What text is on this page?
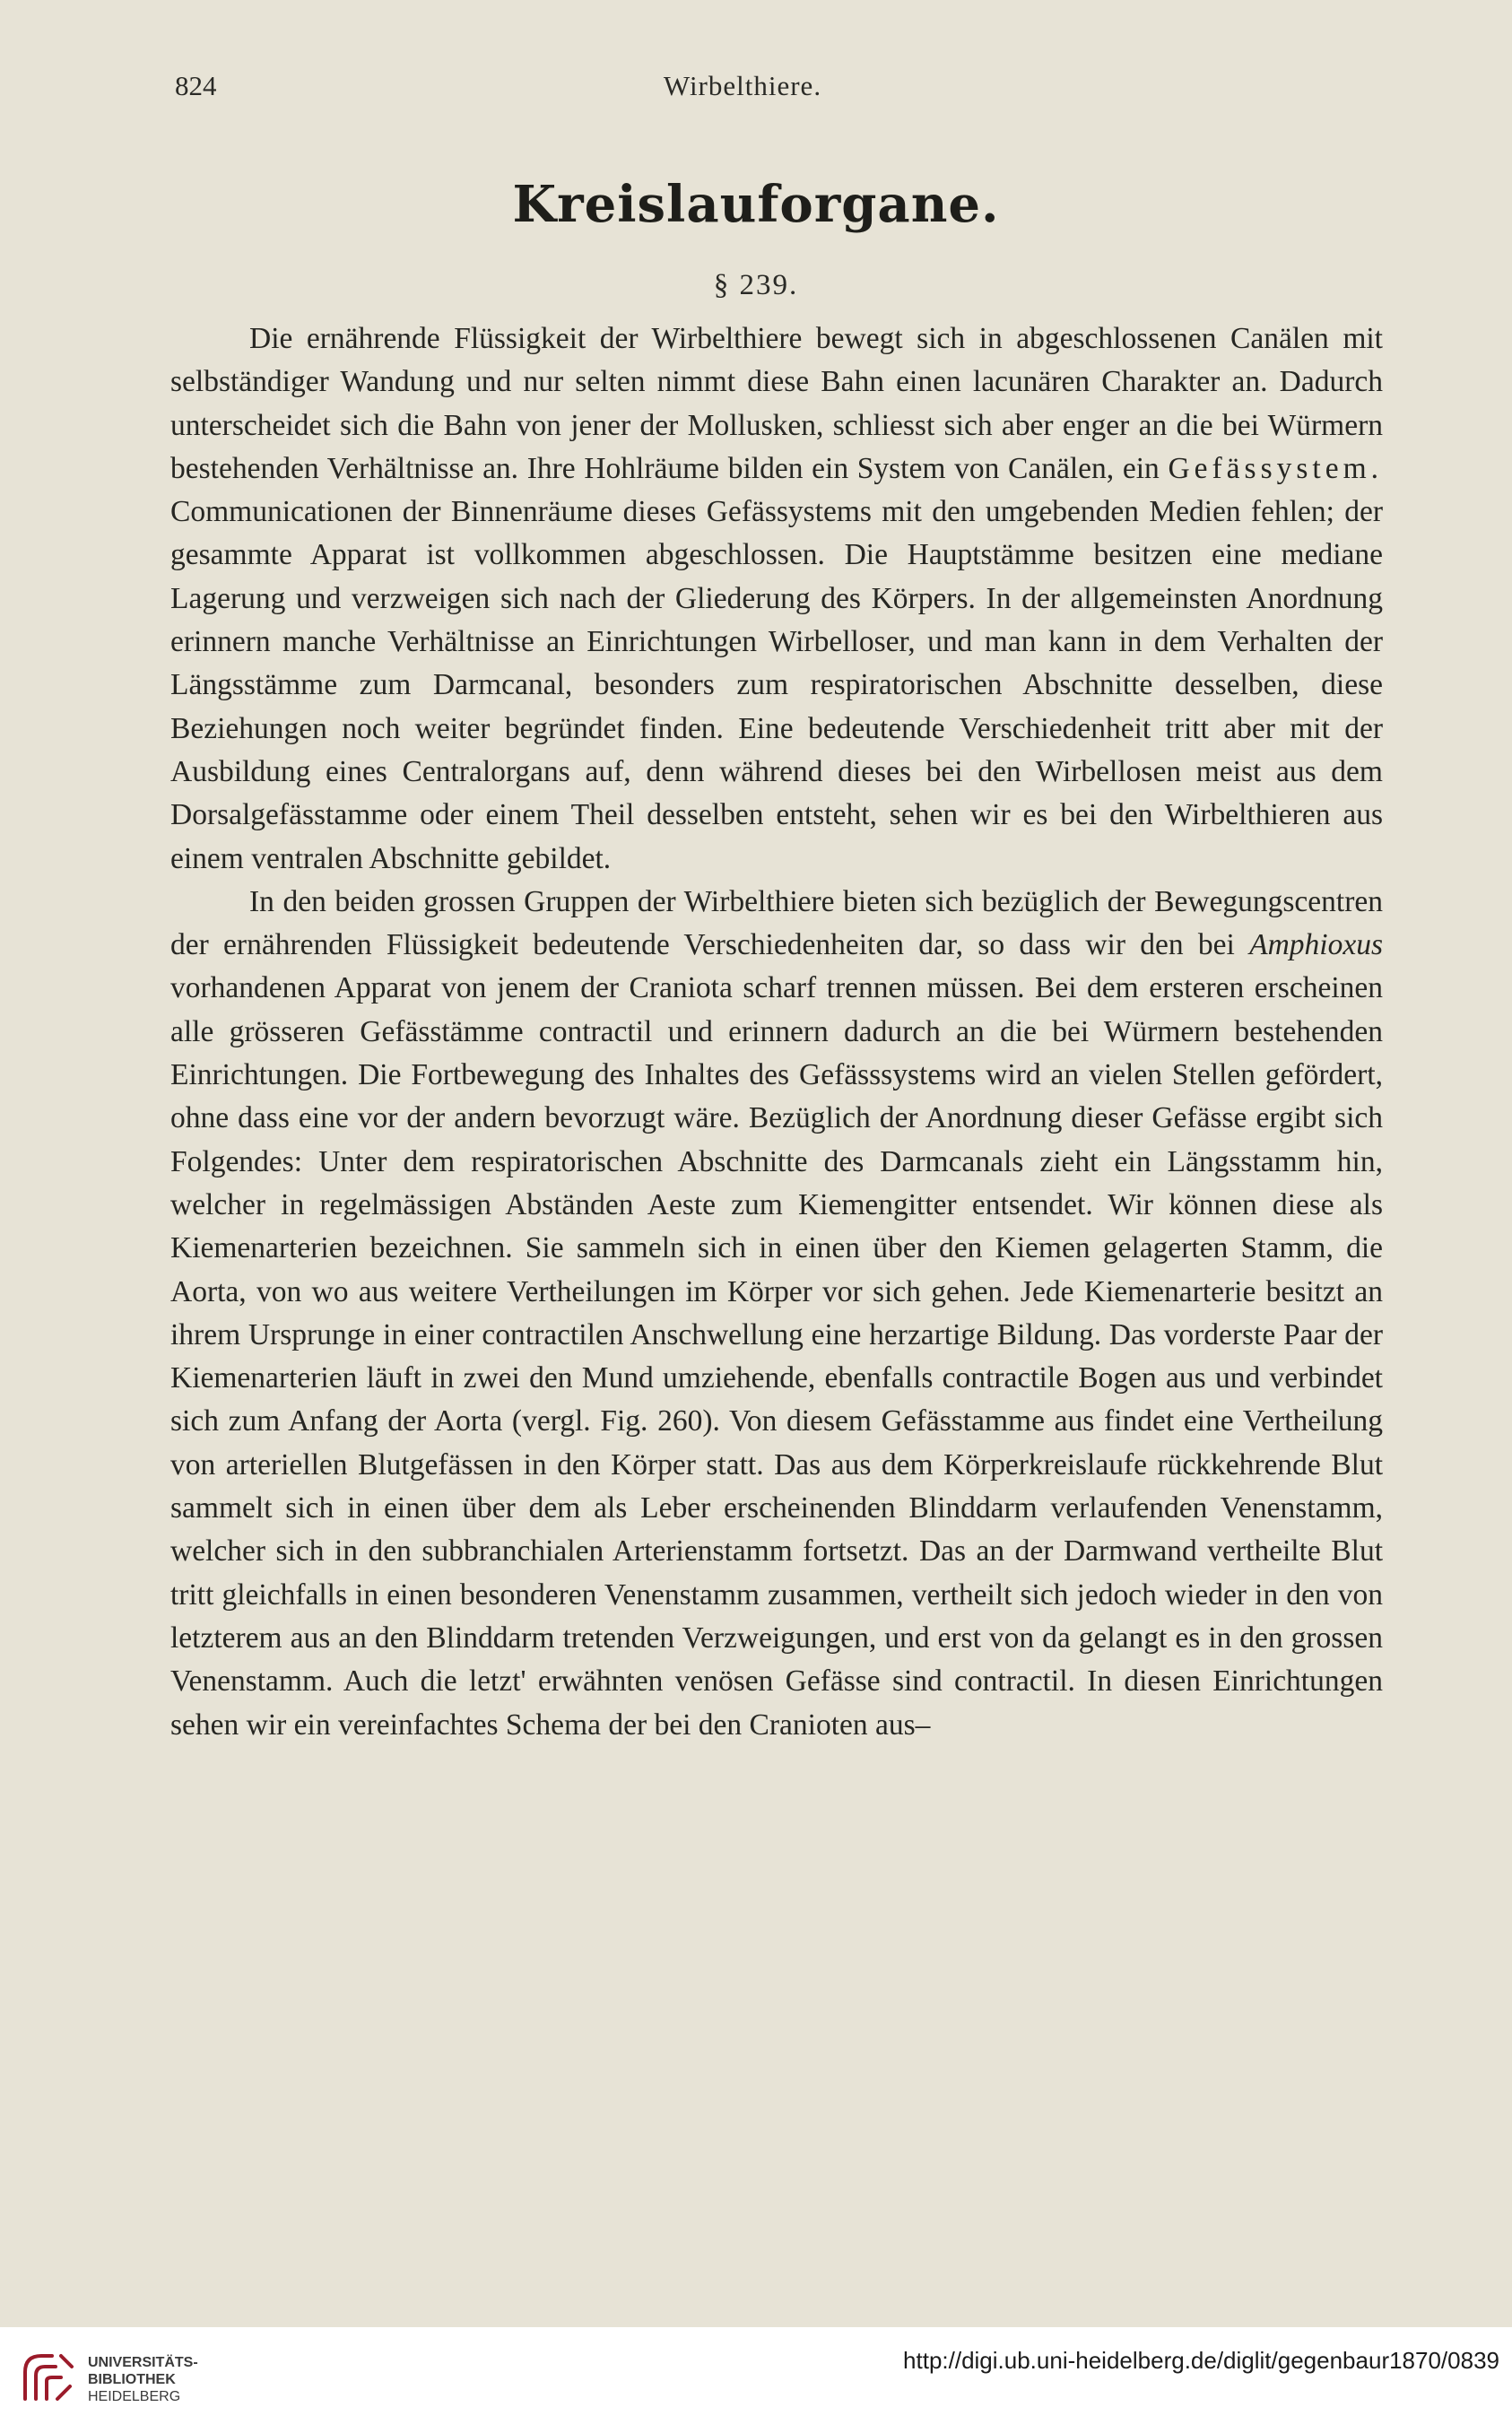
824	Wirbelthiere.
Kreislauforgane.
§ 239.

Die ernährende Flüssigkeit der Wirbelthiere bewegt sich in abgeschlossenen Canälen mit selbständiger Wandung und nur selten nimmt diese Bahn einen lacunären Charakter an. Dadurch unterscheidet sich die Bahn von jener der Mollusken, schliesst sich aber enger an die bei Würmern bestehenden Verhältnisse an. Ihre Hohlräume bilden ein System von Canälen, ein Gefässystem. Communicationen der Binnenräume dieses Gefässystems mit den umgebenden Medien fehlen; der gesammte Apparat ist vollkommen abgeschlossen. Die Hauptstämme besitzen eine mediane Lagerung und verzweigen sich nach der Gliederung des Körpers. In der allgemeinsten Anordnung erinnern manche Verhältnisse an Einrichtungen Wirbelloser, und man kann in dem Verhalten der Längsstämme zum Darmcanal, besonders zum respiratorischen Abschnitte desselben, diese Beziehungen noch weiter begründet finden. Eine bedeutende Verschiedenheit tritt aber mit der Ausbildung eines Centralorgans auf, denn während dieses bei den Wirbellosen meist aus dem Dorsalgefässtamme oder einem Theil desselben entsteht, sehen wir es bei den Wirbelthieren aus einem ventralen Abschnitte gebildet.

In den beiden grossen Gruppen der Wirbelthiere bieten sich bezüglich der Bewegungscentren der ernährenden Flüssigkeit bedeutende Verschiedenheiten dar, so dass wir den bei Amphioxus vorhandenen Apparat von jenem der Craniota scharf trennen müssen. Bei dem ersteren erscheinen alle grösseren Gefässtämme contractil und erinnern dadurch an die bei Würmern bestehenden Einrichtungen. Die Fortbewegung des Inhaltes des Gefässsystems wird an vielen Stellen gefördert, ohne dass eine vor der andern bevorzugt wäre. Bezüglich der Anordnung dieser Gefässe ergibt sich Folgendes: Unter dem respiratorischen Abschnitte des Darmcanals zieht ein Längsstamm hin, welcher in regelmässigen Abständen Aeste zum Kiemengitter entsendet. Wir können diese als Kiemenarterien bezeichnen. Sie sammeln sich in einen über den Kiemen gelagerten Stamm, die Aorta, von wo aus weitere Vertheilungen im Körper vor sich gehen. Jede Kiemenarterie besitzt an ihrem Ursprunge in einer contractilen Anschwellung eine herzartige Bildung. Das vorderste Paar der Kiemenarterien läuft in zwei den Mund umziehende, ebenfalls contractile Bogen aus und verbindet sich zum Anfang der Aorta (vergl. Fig. 260). Von diesem Gefässtamme aus findet eine Vertheilung von arteriellen Blutgefässen in den Körper statt. Das aus dem Körperkreislaufe rückkehrende Blut sammelt sich in einen über dem als Leber erscheinenden Blinddarm verlaufenden Venenstamm, welcher sich in den subbranchialen Arterienstamm fortsetzt. Das an der Darmwand vertheilte Blut tritt gleichfalls in einen besonderen Venenstamm zusammen, vertheilt sich jedoch wieder in den von letzterem aus an den Blinddarm tretenden Verzweigungen, und erst von da gelangt es in den grossen Venenstamm. Auch die letzt' erwähnten venösen Gefässe sind contractil. In diesen Einrichtungen sehen wir ein vereinfachtes Schema der bei den Cranioten aus–

UNIVERSITÄTS-
BIBLIOTHEK
HEIDELBERG
http://digi.ub.uni-heidelberg.de/diglit/gegenbaur1870/0839
